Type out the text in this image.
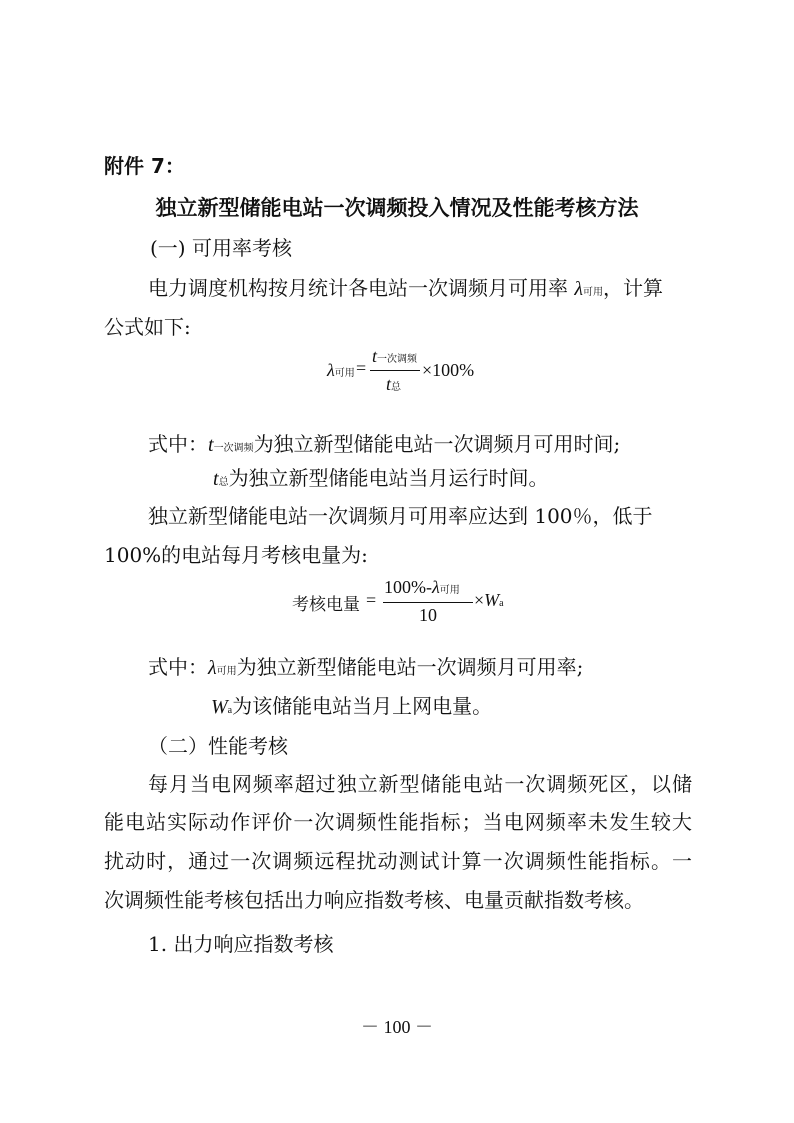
附件 7：
独立新型储能电站一次调频投入情况及性能考核方法
(一) 可用率考核
电力调度机构按月统计各电站一次调频月可用率 λ可用，计算
公式如下:
λ可用 =
t一次调频
t总
×100%
式中：t一次调频为独立新型储能电站一次调频月可用时间;
t总为独立新型储能电站当月运行时间。
独立新型储能电站一次调频月可用率应达到 100％，低于
100%的电站每月考核电量为:
考核电量 =
100%-λ可用
10
×Wa
式中：λ可用为独立新型储能电站一次调频月可用率;
Wa为该储能电站当月上网电量。
（二）性能考核
每月当电网频率超过独立新型储能电站一次调频死区，以储
能电站实际动作评价一次调频性能指标；当电网频率未发生较大
扰动时，通过一次调频远程扰动测试计算一次调频性能指标。一
次调频性能考核包括出力响应指数考核、电量贡献指数考核。
1. 出力响应指数考核
－ 100 －
